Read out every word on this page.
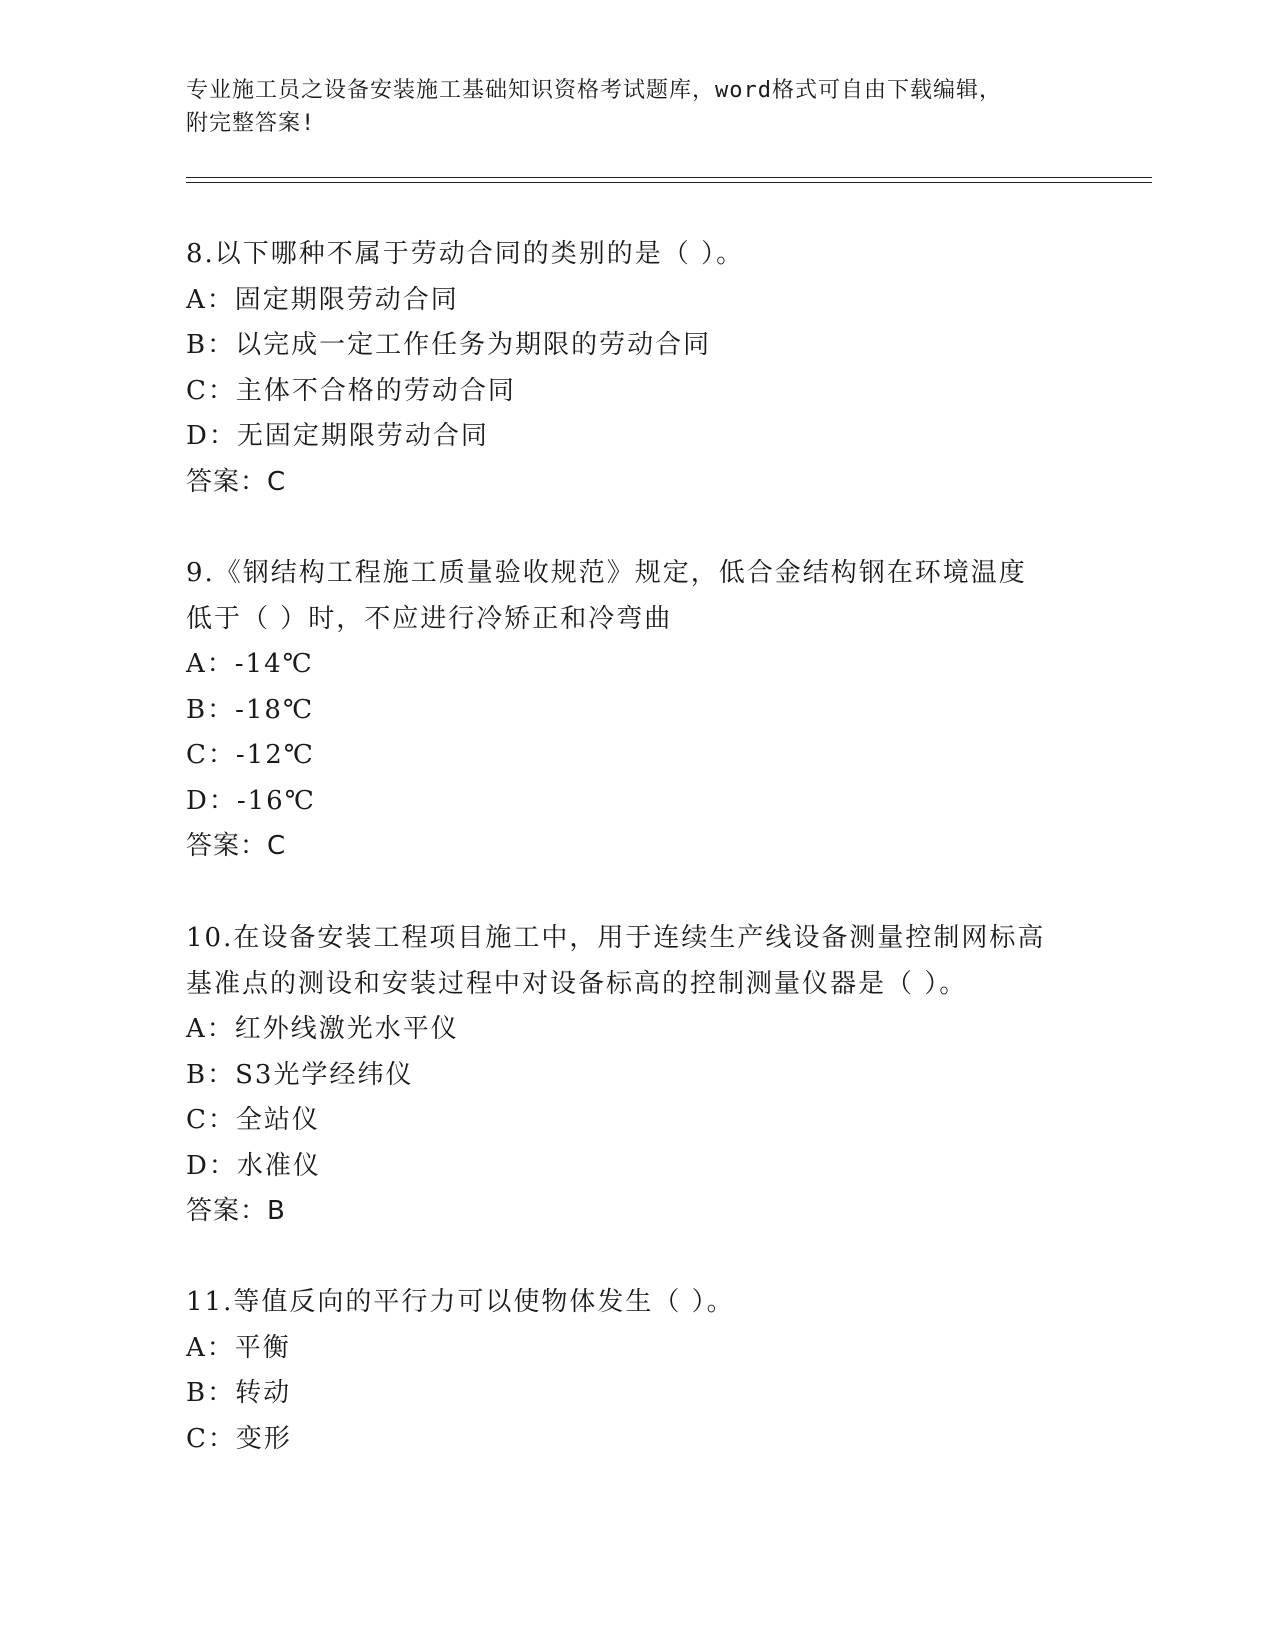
专业施工员之设备安装施工基础知识资格考试题库，word格式可自由下载编辑，
附完整答案!
8.以下哪种不属于劳动合同的类别的是（ ）。
A：固定期限劳动合同
B：以完成一定工作任务为期限的劳动合同
C：主体不合格的劳动合同
D：无固定期限劳动合同
答案：C
9.《钢结构工程施工质量验收规范》规定，低合金结构钢在环境温度
低于（ ）时，不应进行冷矫正和冷弯曲
A：-14℃
B：-18℃
C：-12℃
D：-16℃
答案：C
10.在设备安装工程项目施工中，用于连续生产线设备测量控制网标高
基准点的测设和安装过程中对设备标高的控制测量仪器是（ ）。
A：红外线激光水平仪
B：S3光学经纬仪
C：全站仪
D：水准仪
答案：B
11.等值反向的平行力可以使物体发生（ ）。
A：平衡
B：转动
C：变形
